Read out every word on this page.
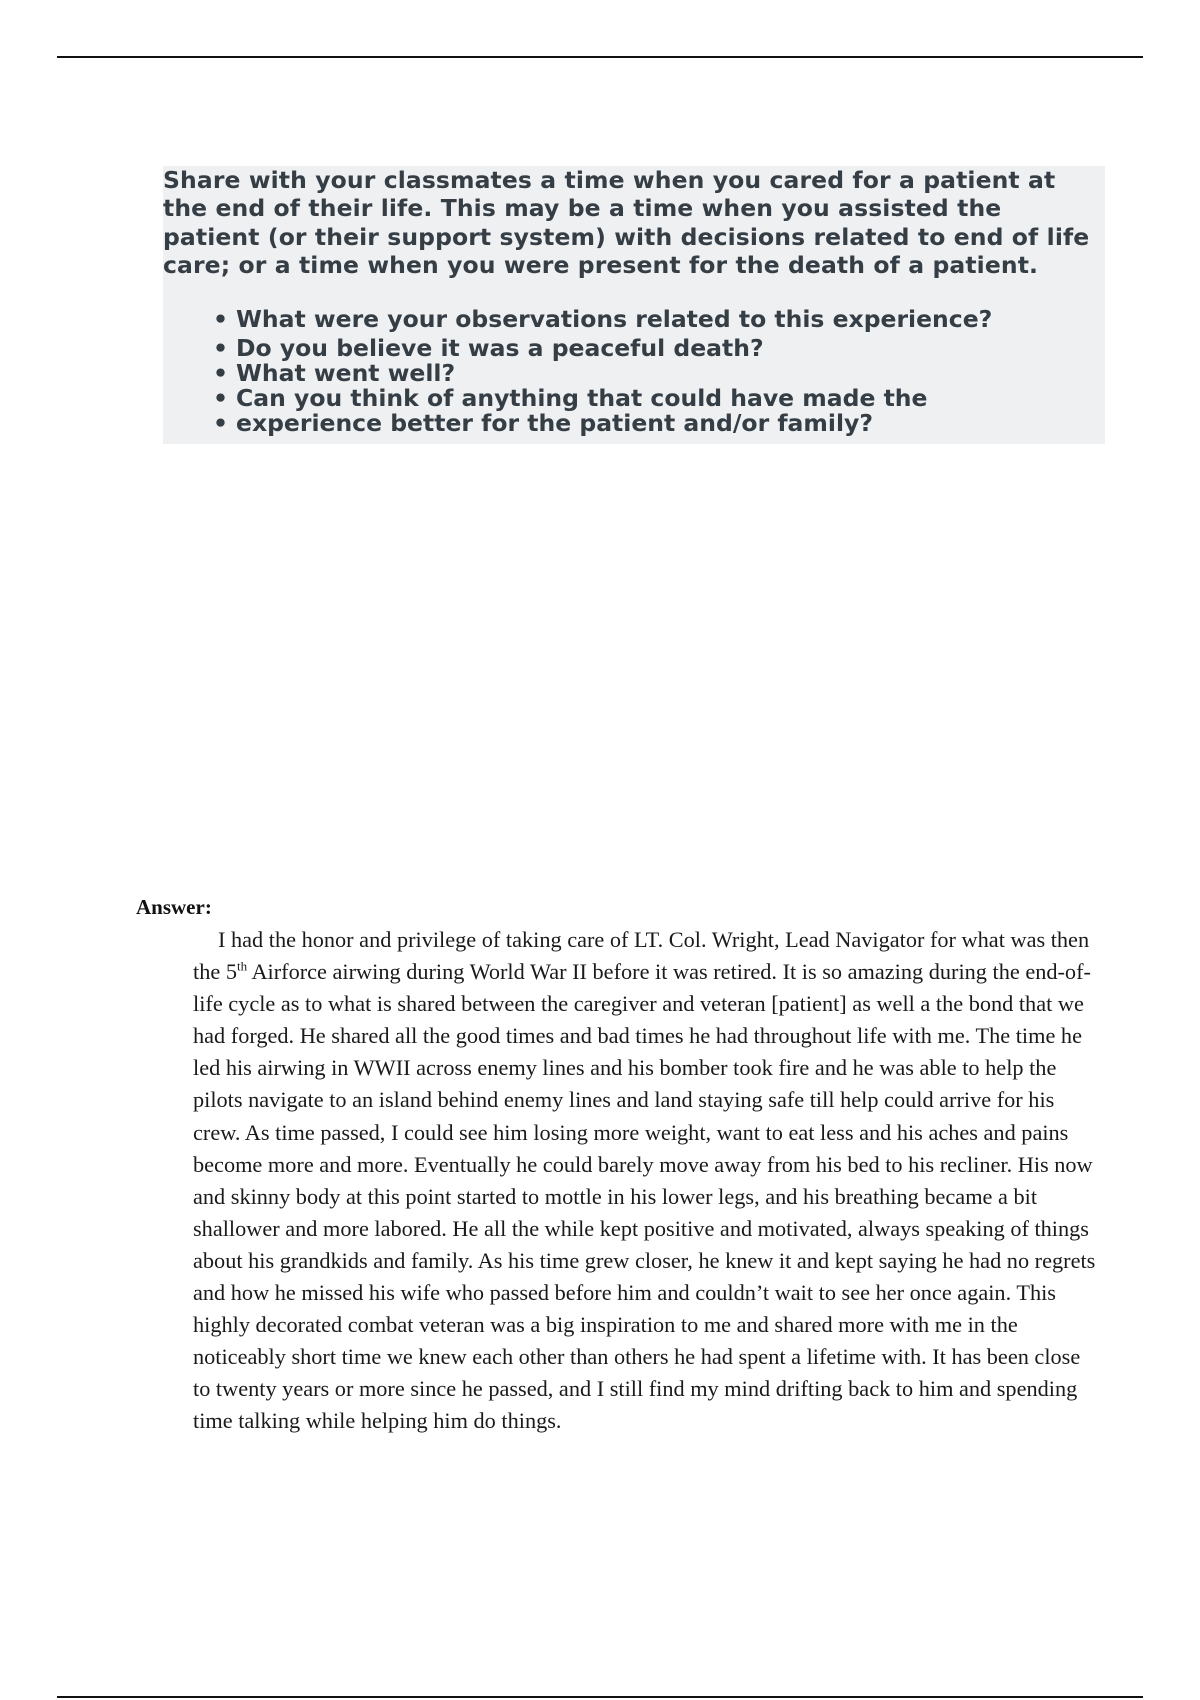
Share with your classmates a time when you cared for a patient at the end of their life. This may be a time when you assisted the patient (or their support system) with decisions related to end of life care; or a time when you were present for the death of a patient.

• What were your observations related to this experience?
• Do you believe it was a peaceful death?
• What went well?
• Can you think of anything that could have made the
• experience better for the patient and/or family?
Answer:

I had the honor and privilege of taking care of LT. Col. Wright, Lead Navigator for what was then the 5th Airforce airwing during World War II before it was retired. It is so amazing during the end-of- life cycle as to what is shared between the caregiver and veteran [patient] as well a the bond that we had forged. He shared all the good times and bad times he had throughout life with me. The time he led his airwing in WWII across enemy lines and his bomber took fire and he was able to help the pilots navigate to an island behind enemy lines and land staying safe till help could arrive for his crew. As time passed, I could see him losing more weight, want to eat less and his aches and pains become more and more. Eventually he could barely move away from his bed to his recliner. His now and skinny body at this point started to mottle in his lower legs, and his breathing became a bit shallower and more labored. He all the while kept positive and motivated, always speaking of things about his grandkids and family. As his time grew closer, he knew it and kept saying he had no regrets and how he missed his wife who passed before him and couldn’t wait to see her once again. This highly decorated combat veteran was a big inspiration to me and shared more with me in the noticeably short time we knew each other than others he had spent a lifetime with. It has been close to twenty years or more since he passed, and I still find my mind drifting back to him and spending time talking while helping him do things.
